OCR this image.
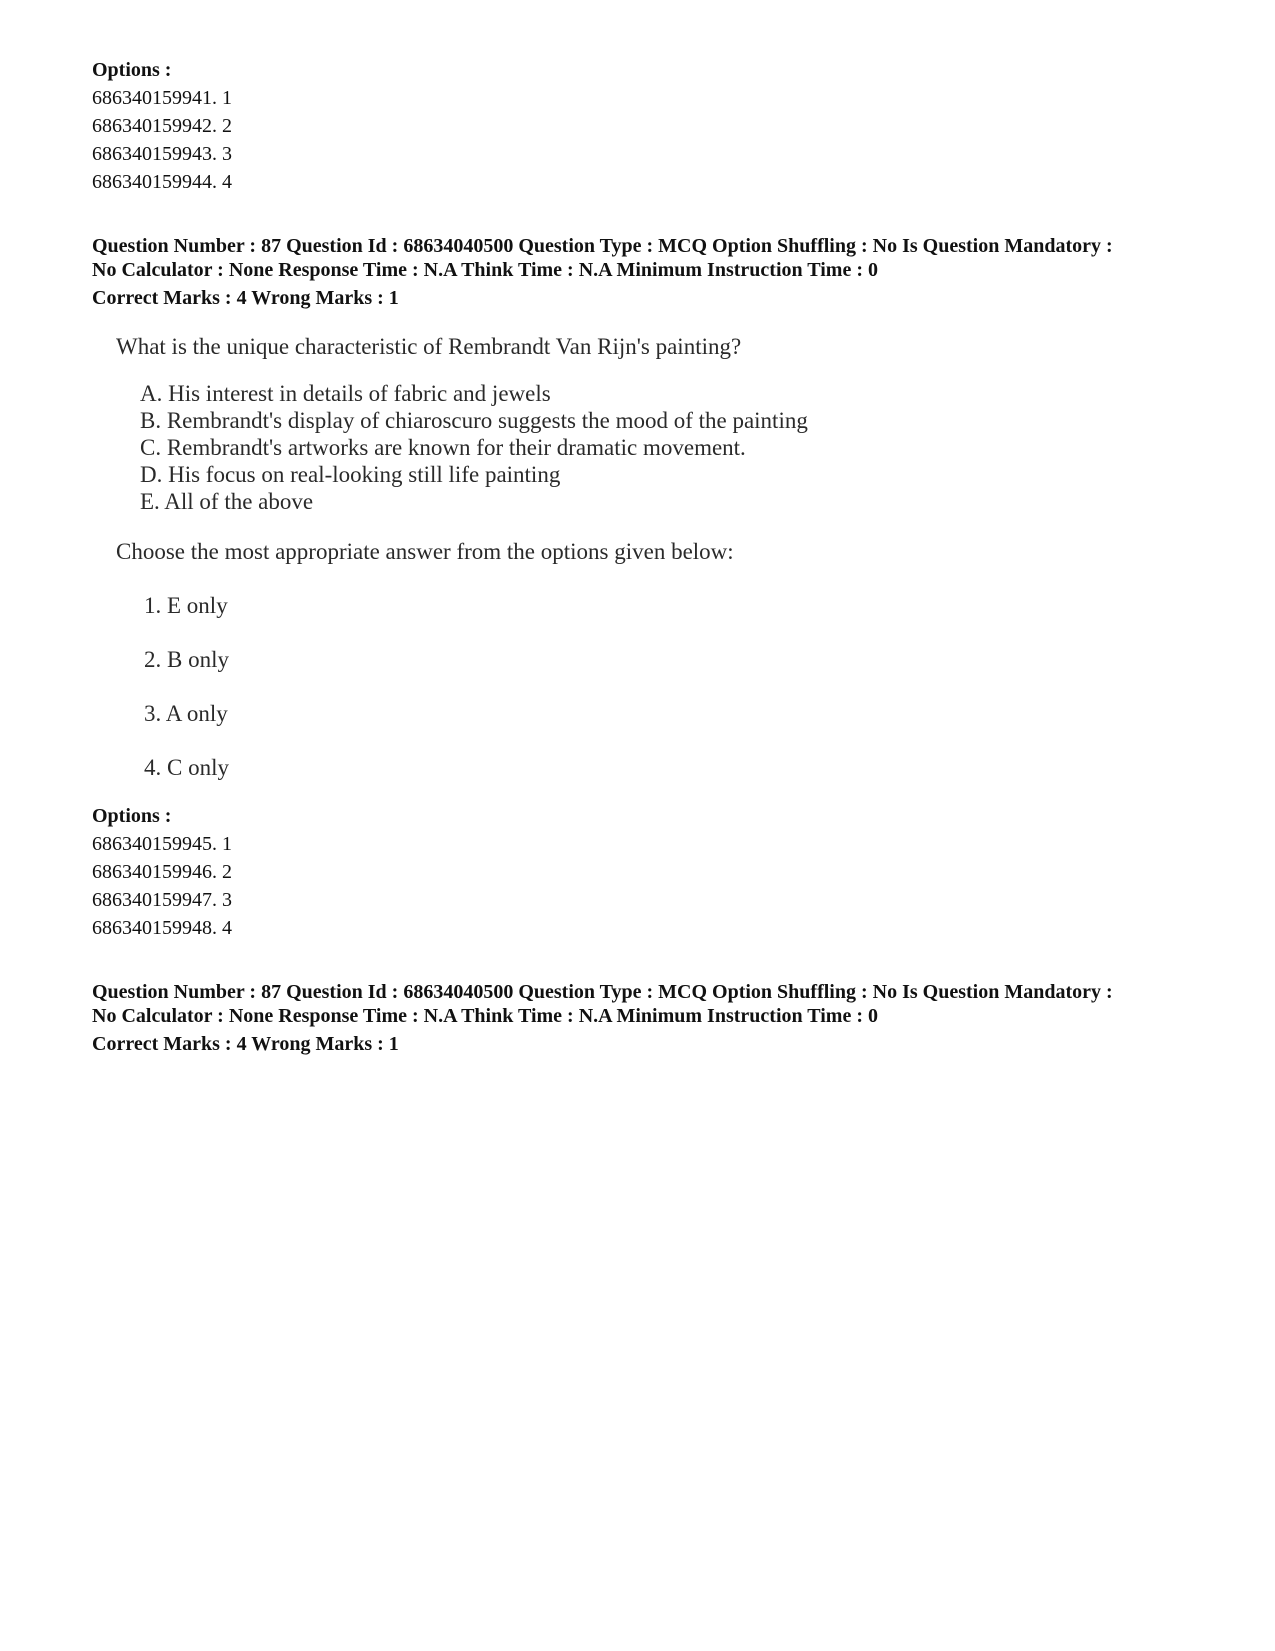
Options :
686340159941. 1
686340159942. 2
686340159943. 3
686340159944. 4
Question Number : 87 Question Id : 68634040500 Question Type : MCQ Option Shuffling : No Is Question Mandatory :
No Calculator : None Response Time : N.A Think Time : N.A Minimum Instruction Time : 0
Correct Marks : 4 Wrong Marks : 1
What is the unique characteristic of Rembrandt Van Rijn's painting?
A. His interest in details of fabric and jewels
B. Rembrandt's display of chiaroscuro suggests the mood of the painting
C. Rembrandt's artworks are known for their dramatic movement.
D. His focus on real-looking still life painting
E. All of the above
Choose the most appropriate answer from the options given below:
1. E only
2. B only
3. A only
4. C only
Options :
686340159945. 1
686340159946. 2
686340159947. 3
686340159948. 4
Question Number : 87 Question Id : 68634040500 Question Type : MCQ Option Shuffling : No Is Question Mandatory :
No Calculator : None Response Time : N.A Think Time : N.A Minimum Instruction Time : 0
Correct Marks : 4 Wrong Marks : 1
